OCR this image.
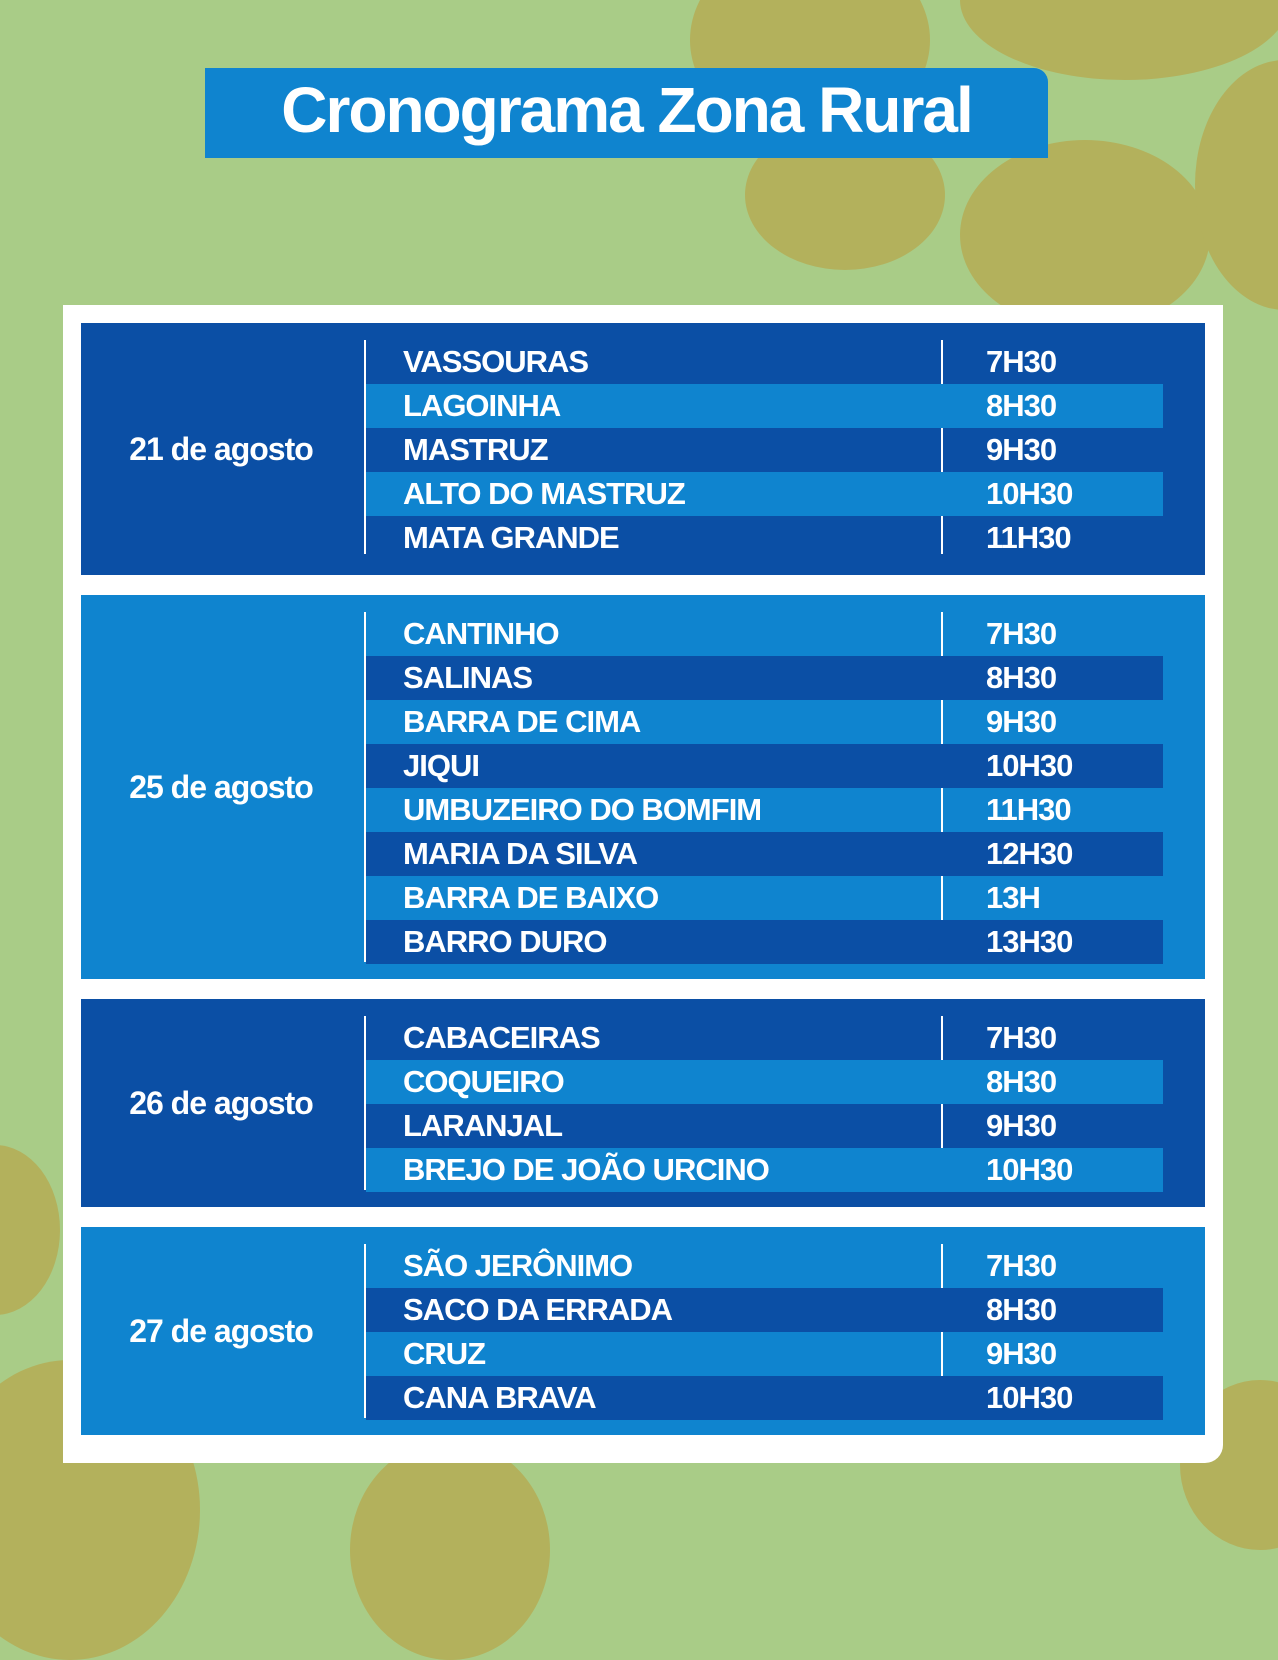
Cronograma Zona Rural
21 de agosto
VASSOURAS	7H30
LAGOINHA	8H30
MASTRUZ	9H30
ALTO DO MASTRUZ	10H30
MATA GRANDE	11H30
25 de agosto
CANTINHO	7H30
SALINAS	8H30
BARRA DE CIMA	9H30
JIQUI	10H30
UMBUZEIRO DO BOMFIM	11H30
MARIA DA SILVA	12H30
BARRA DE BAIXO	13H
BARRO DURO	13H30
26 de agosto
CABACEIRAS	7H30
COQUEIRO	8H30
LARANJAL	9H30
BREJO DE JOÃO URCINO	10H30
27 de agosto
SÃO JERÔNIMO	7H30
SACO DA ERRADA	8H30
CRUZ	9H30
CANA BRAVA	10H30
